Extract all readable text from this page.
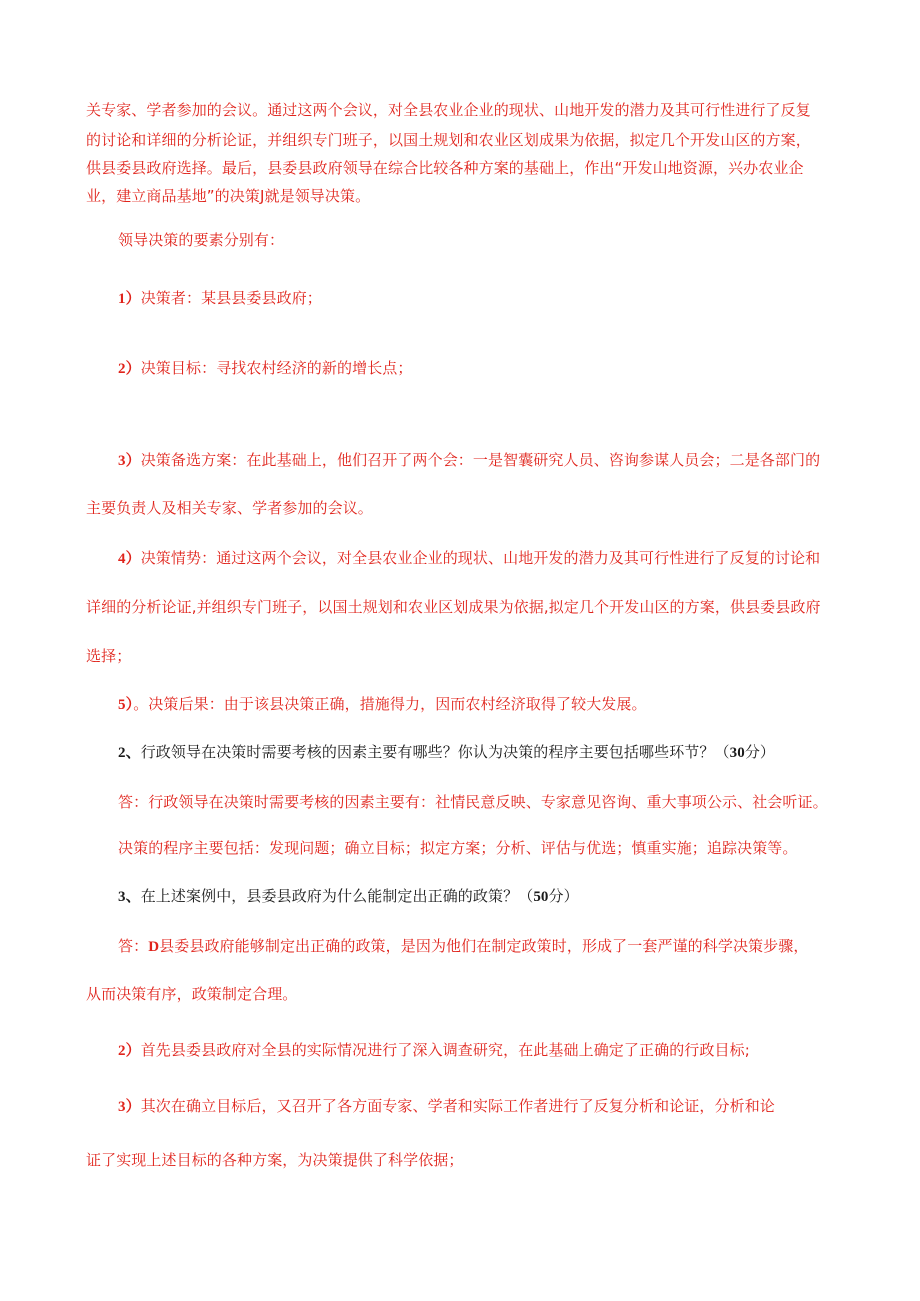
关专家、学者参加的会议。通过这两个会议，对全县农业企业的现状、山地开发的潜力及其可行性进行了反复
的讨论和详细的分析论证，并组织专门班子，以国土规划和农业区划成果为依据，拟定几个开发山区的方案，
供县委县政府选择。最后，县委县政府领导在综合比较各种方案的基础上，作出“开发山地资源，兴办农业企
业，建立商品基地”的决策J就是领导决策。
领导决策的要素分别有：
1）决策者：某县县委县政府；
2）决策目标：寻找农村经济的新的增长点；
3）决策备选方案：在此基础上，他们召开了两个会：一是智囊研究人员、咨询参谋人员会；二是各部门的
主要负责人及相关专家、学者参加的会议。
4）决策情势：通过这两个会议，对全县农业企业的现状、山地开发的潜力及其可行性进行了反复的讨论和
详细的分析论证,并组织专门班子，以国土规划和农业区划成果为依据,拟定几个开发山区的方案，供县委县政府
选择；
5）。决策后果：由于该县决策正确，措施得力，因而农村经济取得了较大发展。
2、行政领导在决策时需要考核的因素主要有哪些？你认为决策的程序主要包括哪些环节？（30分）
答：行政领导在决策时需要考核的因素主要有：社情民意反映、专家意见咨询、重大事项公示、社会听证。
决策的程序主要包括：发现问题；确立目标；拟定方案；分析、评估与优选；慎重实施；追踪决策等。
3、在上述案例中，县委县政府为什么能制定出正确的政策？（50分）
答：D县委县政府能够制定出正确的政策，是因为他们在制定政策时，形成了一套严谨的科学决策步骤，
从而决策有序，政策制定合理。
2）首先县委县政府对全县的实际情况进行了深入调查研究，在此基础上确定了正确的行政目标;
3）其次在确立目标后，又召开了各方面专家、学者和实际工作者进行了反复分析和论证，分析和论
证了实现上述目标的各种方案，为决策提供了科学依据；
